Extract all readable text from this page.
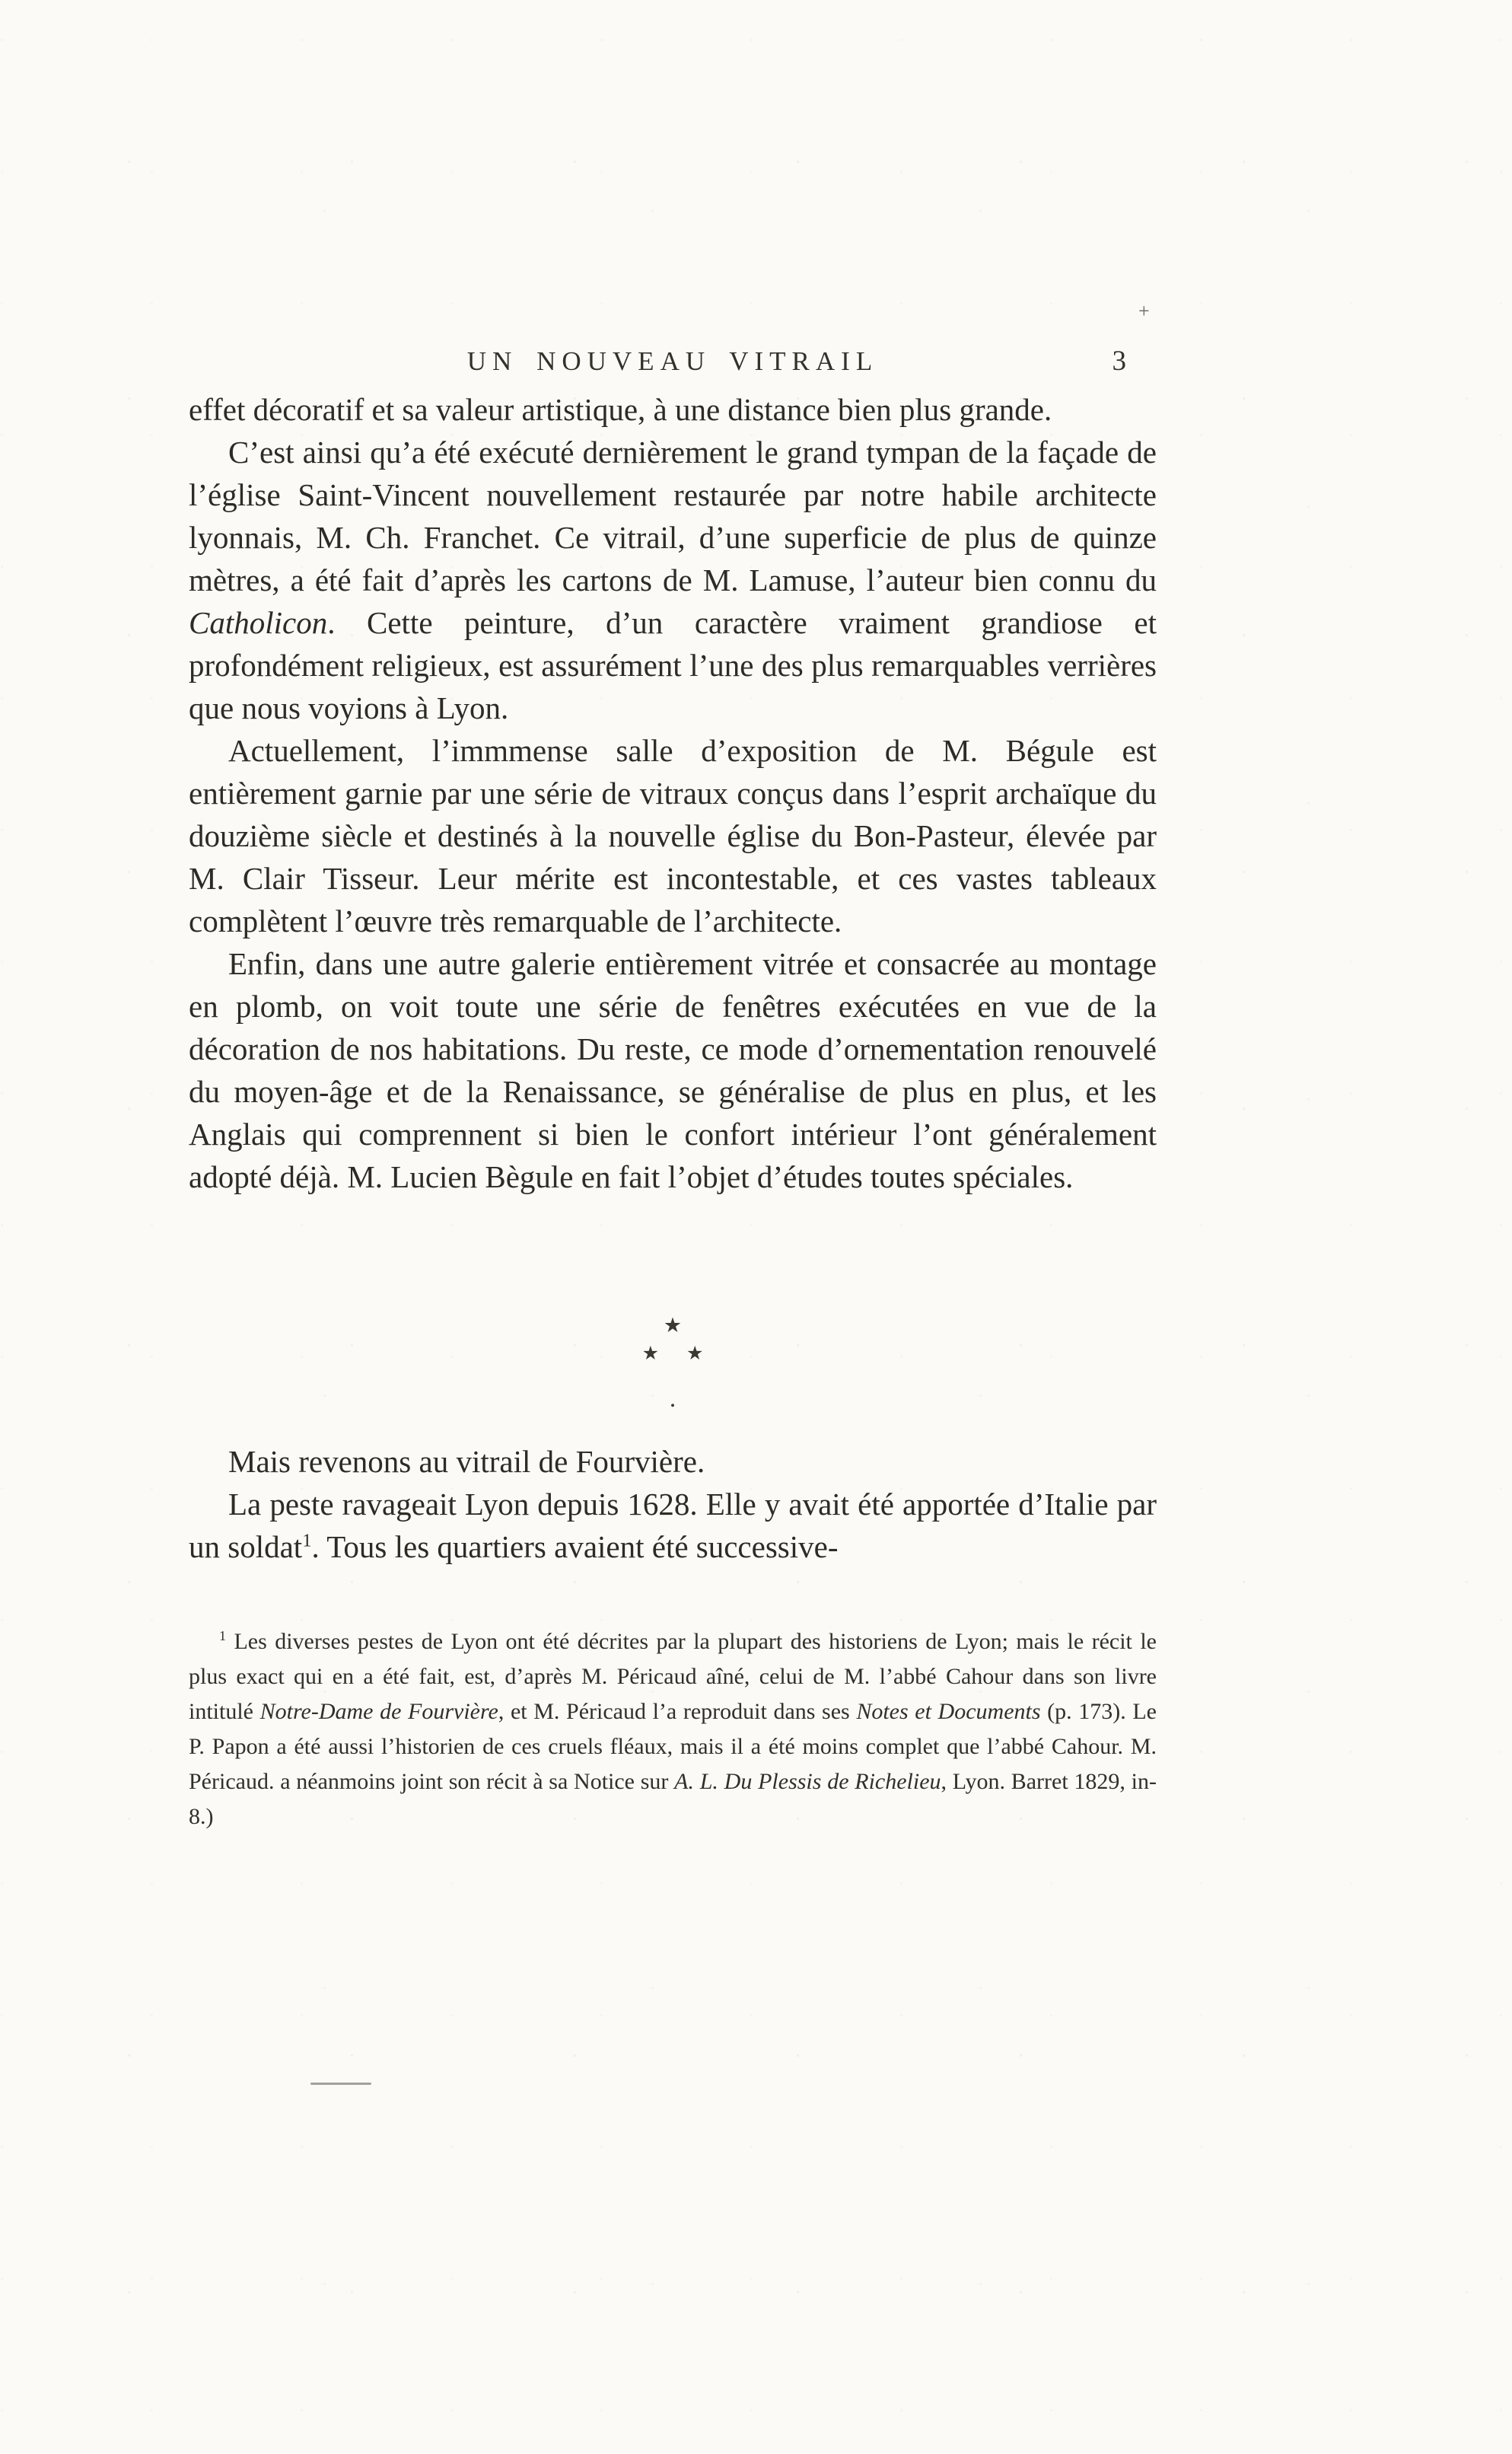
+
UN NOUVEAU VITRAIL	3

effet décoratif et sa valeur artistique, à une distance bien plus grande.

C’est ainsi qu’a été exécuté dernièrement le grand tympan de la façade de l’église Saint-Vincent nouvellement restaurée par notre habile architecte lyonnais, M. Ch. Franchet. Ce vitrail, d’une superficie de plus de quinze mètres, a été fait d’après les cartons de M. Lamuse, l’auteur bien connu du Catholicon. Cette peinture, d’un caractère vraiment grandiose et profondément religieux, est assurément l’une des plus remarquables verrières que nous voyions à Lyon.

Actuellement, l’immmense salle d’exposition de M. Bégule est entièrement garnie par une série de vitraux conçus dans l’esprit archaïque du douzième siècle et destinés à la nouvelle église du Bon-Pasteur, élevée par M. Clair Tisseur. Leur mérite est incontestable, et ces vastes tableaux complètent l’œuvre très remarquable de l’architecte.

Enfin, dans une autre galerie entièrement vitrée et consacrée au montage en plomb, on voit toute une série de fenêtres exécutées en vue de la décoration de nos habitations. Du reste, ce mode d’ornementation renouvelé du moyen-âge et de la Renaissance, se généralise de plus en plus, et les Anglais qui comprennent si bien le confort intérieur l’ont généralement adopté déjà. M. Lucien Bègule en fait l’objet d’études toutes spéciales.

★
★ ★
.

Mais revenons au vitrail de Fourvière.

La peste ravageait Lyon depuis 1628. Elle y avait été apportée d’Italie par un soldat$^1$. Tous les quartiers avaient été successive-

$^1$ Les diverses pestes de Lyon ont été décrites par la plupart des historiens de Lyon; mais le récit le plus exact qui en a été fait, est, d’après M. Péricaud aîné, celui de M. l’abbé Cahour dans son livre intitulé Notre-Dame de Fourvière, et M. Péricaud l’a reproduit dans ses Notes et Documents (p. 173). Le P. Papon a été aussi l’historien de ces cruels fléaux, mais il a été moins complet que l’abbé Cahour. M. Péricaud. a néanmoins joint son récit à sa Notice sur A. L. Du Plessis de Richelieu, Lyon. Barret 1829, in-8.)
